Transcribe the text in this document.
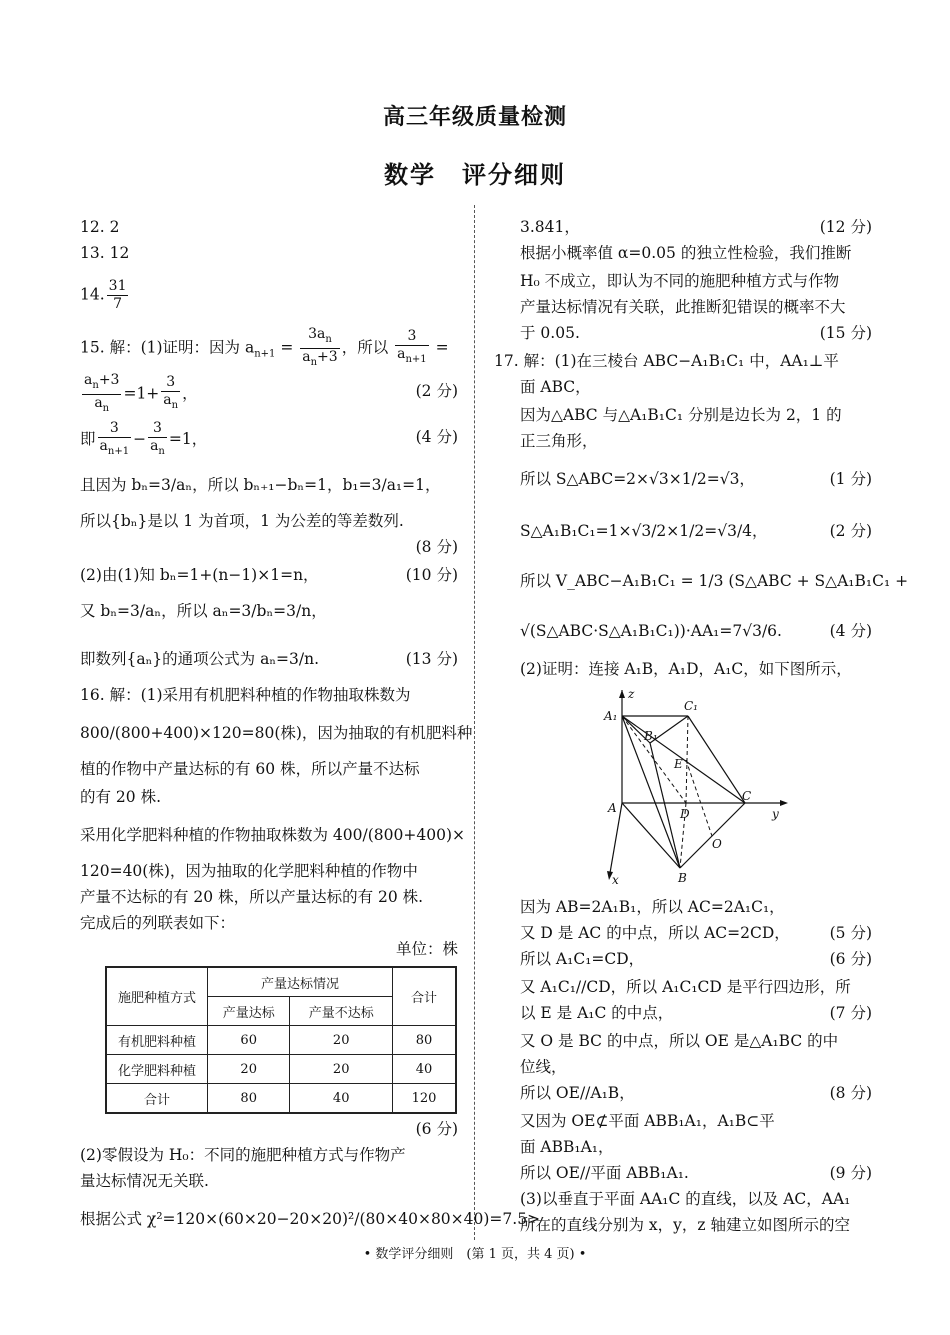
高三年级质量检测
数学　评分细则
12. 2
13. 12
14. $\frac{31}{7}$
15. 解：(1)证明：因为 $a_{n+1} = \frac{3a_n}{a_n+3}$ ，所以 $\frac{3}{a_{n+1}}$ =
$\frac{a_n+3}{a_n} =1+ \frac{3}{a_n}$ ，	(2 分)
即 $\frac{3}{a_{n+1}} - \frac{3}{a_n} =1$，	(4 分)
且因为 bₙ=3/aₙ，所以 bₙ₊₁−bₙ=1，b₁=3/a₁=1，
所以{bₙ}是以 1 为首项，1 为公差的等差数列.
(8 分)
(2)由(1)知 bₙ=1+(n−1)×1=n，	(10 分)
又 bₙ=3/aₙ，所以 aₙ=3/bₙ=3/n，
即数列{aₙ}的通项公式为 aₙ=3/n.	(13 分)
16. 解：(1)采用有机肥料种植的作物抽取株数为
800/(800+400)×120=80(株)，因为抽取的有机肥料种
植的作物中产量达标的有 60 株，所以产量不达标
的有 20 株.
采用化学肥料种植的作物抽取株数为 400/(800+400)×
120=40(株)，因为抽取的化学肥料种植的作物中
产量不达标的有 20 株，所以产量达标的有 20 株.
完成后的列联表如下：
单位：株
施肥种植方式	产量达标情况		合计
	产量达标	产量不达标	
有机肥料种植	60	20	80
化学肥料种植	20	20	40
合计	80	40	120
(6 分)
(2)零假设为 H₀：不同的施肥种植方式与作物产
量达标情况无关联.
根据公式 χ²=120×(60×20−20×20)²/(80×40×80×40)=7.5>
3.841，	(12 分)
根据小概率值 α=0.05 的独立性检验，我们推断
H₀ 不成立，即认为不同的施肥种植方式与作物
产量达标情况有关联，此推断犯错误的概率不大
于 0.05.	(15 分)
17. 解：(1)在三棱台 ABC−A₁B₁C₁ 中，AA₁⊥平
面 ABC，
因为△ABC 与△A₁B₁C₁ 分别是边长为 2，1 的
正三角形，
所以 S△ABC=2×√3×1/2=√3，	(1 分)
S△A₁B₁C₁=1×√3/2×1/2=√3/4，	(2 分)
所以 V_ABC−A₁B₁C₁ = 1/3 (S△ABC + S△A₁B₁C₁ +
√(S△ABC·S△A₁B₁C₁))·AA₁=7√3/6.	(4 分)
(2)证明：连接 A₁B，A₁D，A₁C，如下图所示，
因为 AB=2A₁B₁，所以 AC=2A₁C₁，
又 D 是 AC 的中点，所以 AC=2CD，	(5 分)
所以 A₁C₁=CD，	(6 分)
又 A₁C₁//CD，所以 A₁C₁CD 是平行四边形，所
以 E 是 A₁C 的中点，	(7 分)
又 O 是 BC 的中点，所以 OE 是△A₁BC 的中
位线，
所以 OE//A₁B，	(8 分)
又因为 OE⊄平面 ABB₁A₁，A₁B⊂平
面 ABB₁A₁，
所以 OE//平面 ABB₁A₁.	(9 分)
(3)以垂直于平面 AA₁C 的直线，以及 AC，AA₁
所在的直线分别为 x，y，z 轴建立如图所示的空
z
A₁
C₁
B₁
E
A	D
C
y
O
x	B
• 数学评分细则　(第 1 页，共 4 页) •
